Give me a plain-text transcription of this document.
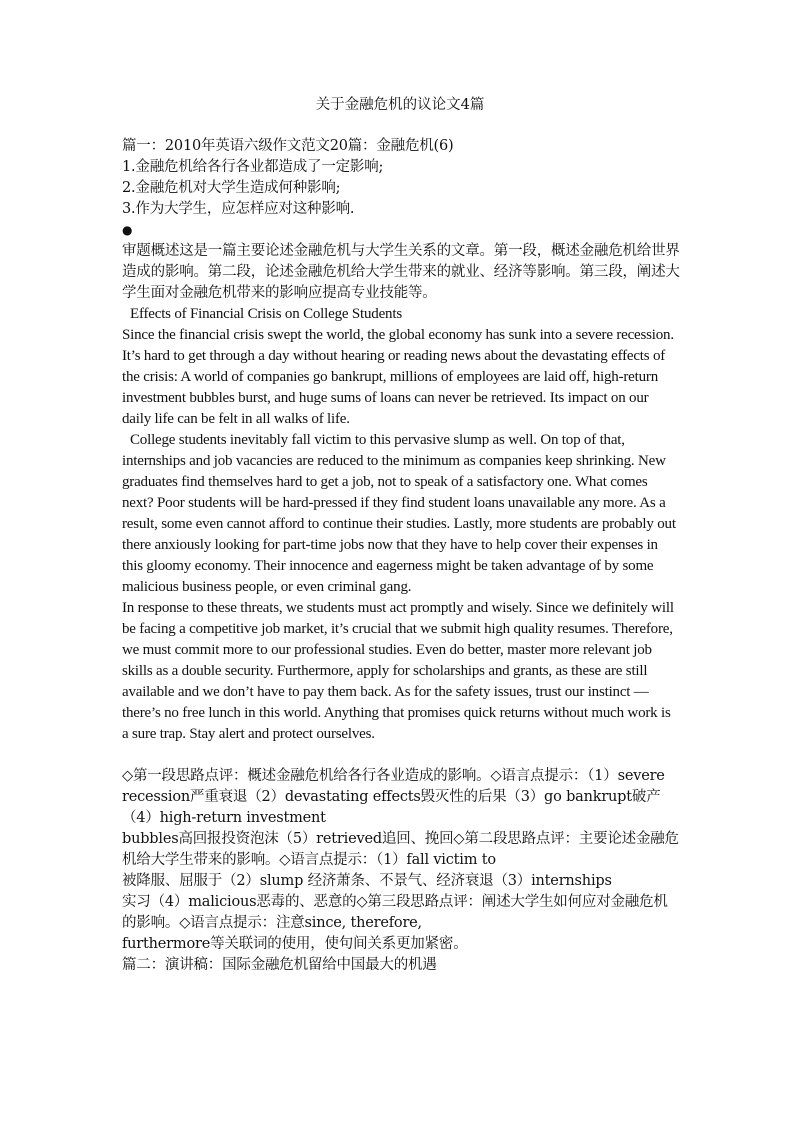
关于金融危机的议论文4篇

篇一：2010年英语六级作文范文20篇：金融危机(6)

1.金融危机给各行各业都造成了一定影响;

2.金融危机对大学生造成何种影响;

3.作为大学生，应怎样应对这种影响.

●

审题概述这是一篇主要论述金融危机与大学生关系的文章。第一段，概述金融危机给世界造成的影响。第二段，论述金融危机给大学生带来的就业、经济等影响。第三段，阐述大学生面对金融危机带来的影响应提高专业技能等。

Effects of Financial Crisis on College Students

Since the financial crisis swept the world, the global economy has sunk into a severe recession. It’s hard to get through a day without hearing or reading news about the devastating effects of the crisis: A world of companies go bankrupt, millions of employees are laid off, high-return investment bubbles burst, and huge sums of loans can never be retrieved. Its impact on our daily life can be felt in all walks of life.

College students inevitably fall victim to this pervasive slump as well. On top of that, internships and job vacancies are reduced to the minimum as companies keep shrinking. New graduates find themselves hard to get a job, not to speak of a satisfactory one. What comes next? Poor students will be hard-pressed if they find student loans unavailable any more. As a result, some even cannot afford to continue their studies. Lastly, more students are probably out there anxiously looking for part-time jobs now that they have to help cover their expenses in this gloomy economy. Their innocence and eagerness might be taken advantage of by some malicious business people, or even criminal gang.

In response to these threats, we students must act promptly and wisely. Since we definitely will be facing a competitive job market, it’s crucial that we submit high quality resumes. Therefore, we must commit more to our professional studies. Even do better, master more relevant job skills as a double security. Furthermore, apply for scholarships and grants, as these are still available and we don’t have to pay them back. As for the safety issues, trust our instinct —there’s no free lunch in this world. Anything that promises quick returns without much work is a sure trap. Stay alert and protect ourselves.

◇第一段思路点评：概述金融危机给各行各业造成的影响。◇语言点提示：（1）severe recession严重衰退（2）devastating effects毁灭性的后果（3）go bankrupt破产（4）high-return investment

bubbles高回报投资泡沫（5）retrieved追回、挽回◇第二段思路点评：主要论述金融危机给大学生带来的影响。◇语言点提示：（1）fall victim to

被降服、屈服于（2）slump 经济萧条、不景气、经济衰退（3）internships

实习（4）malicious恶毒的、恶意的◇第三段思路点评：阐述大学生如何应对金融危机的影响。◇语言点提示：注意since, therefore,

furthermore等关联词的使用，使句间关系更加紧密。

篇二：演讲稿：国际金融危机留给中国最大的机遇
